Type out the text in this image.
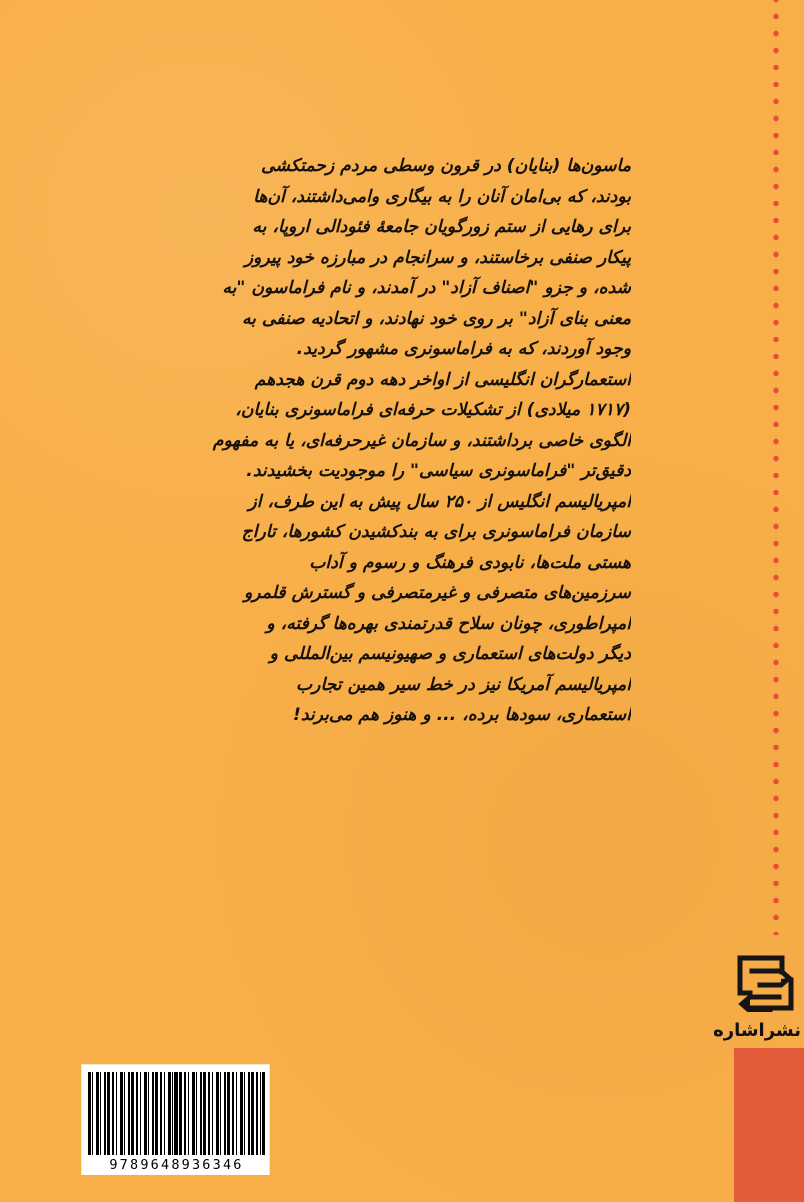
ماسون‌ها (بنایان) در قرون وسطی مردم زحمتکشی
بودند، که بی‌امان آنان را به بیگاری وامی‌داشتند، آن‌ها
برای رهایی از ستم زورگویان جامعهٔ فئودالی اروپا، به
پیکار صنفی برخاستند، و سرانجام در مبارزه خود پیروز
شده، و جزو "اصناف آزاد" در آمدند، و نام فراماسون "به
معنی بنای آزاد" بر روی خود نهادند، و اتحادیه صنفی به
وجود آوردند، که به فراماسونری مشهور گردید.
استعمارگران انگلیسی از اواخر دهه دوم قرن هجدهم
(۱۷۱۷ میلادی) از تشکیلات حرفه‌ای فراماسونری بنایان،
الگوی خاصی برداشتند، و سازمان غیرحرفه‌ای، یا به مفهوم
دقیق‌تر "فراماسونری سیاسی" را موجودیت بخشیدند.
امپریالیسم انگلیس از ۲۵۰ سال پیش به این طرف، از
سازمان فراماسونری برای به بندکشیدن کشورها، تاراج
هستی ملت‌ها، نابودی فرهنگ و رسوم و آداب
سرزمین‌های متصرفی و غیرمتصرفی و گسترش قلمرو
امپراطوری، چونان سلاح قدرتمندی بهره‌ها گرفته، و
دیگر دولت‌های استعماری و صهیونیسم بین‌المللی و
امپریالیسم آمریکا نیز در خط سیر همین تجارب
استعماری، سودها برده، ... و هنوز هم می‌برند!
نشراشاره
9789648936346
